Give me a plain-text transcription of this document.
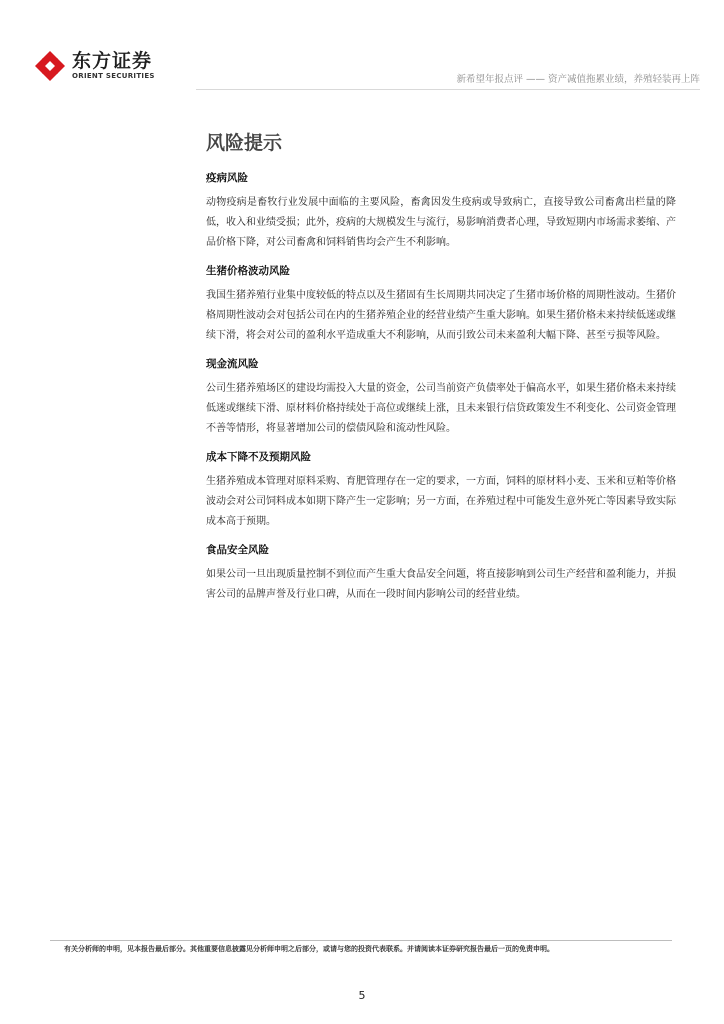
东方证券
ORIENT SECURITIES	新希望年报点评 —— 资产减值拖累业绩，养殖轻装再上阵
风险提示
疫病风险

动物疫病是畜牧行业发展中面临的主要风险，畜禽因发生疫病或导致病亡，直接导致公司畜禽出栏量的降低，收入和业绩受损；此外，疫病的大规模发生与流行，易影响消费者心理，导致短期内市场需求萎缩、产品价格下降，对公司畜禽和饲料销售均会产生不利影响。

生猪价格波动风险

我国生猪养殖行业集中度较低的特点以及生猪固有生长周期共同决定了生猪市场价格的周期性波动。生猪价格周期性波动会对包括公司在内的生猪养殖企业的经营业绩产生重大影响。如果生猪价格未来持续低迷或继续下滑，将会对公司的盈利水平造成重大不利影响，从而引致公司未来盈利大幅下降、甚至亏损等风险。

现金流风险

公司生猪养殖场区的建设均需投入大量的资金，公司当前资产负债率处于偏高水平，如果生猪价格未来持续低迷或继续下滑、原材料价格持续处于高位或继续上涨，且未来银行信贷政策发生不利变化、公司资金管理不善等情形，将显著增加公司的偿债风险和流动性风险。

成本下降不及预期风险

生猪养殖成本管理对原料采购、育肥管理存在一定的要求，一方面，饲料的原材料小麦、玉米和豆粕等价格波动会对公司饲料成本如期下降产生一定影响；另一方面，在养殖过程中可能发生意外死亡等因素导致实际成本高于预期。

食品安全风险

如果公司一旦出现质量控制不到位而产生重大食品安全问题，将直接影响到公司生产经营和盈利能力，并损害公司的品牌声誉及行业口碑，从而在一段时间内影响公司的经营业绩。

有关分析师的申明，见本报告最后部分。其他重要信息披露见分析师申明之后部分，或请与您的投资代表联系。并请阅读本证券研究报告最后一页的免责申明。
5
